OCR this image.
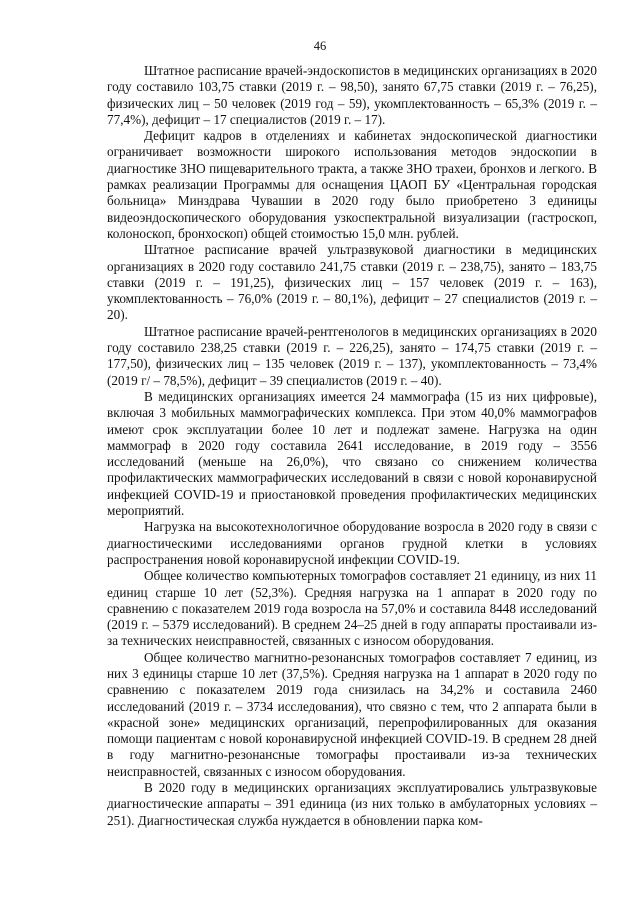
46

Штатное расписание врачей-эндоскопистов в медицинских организациях в 2020 году составило 103,75 ставки (2019 г. – 98,50), занято 67,75 ставки (2019 г. – 76,25), физических лиц – 50 человек (2019 год – 59), укомплектованность – 65,3% (2019 г. – 77,4%), дефицит – 17 специалистов (2019 г. – 17).

Дефицит кадров в отделениях и кабинетах эндоскопической диагностики ограничивает возможности широкого использования методов эндоскопии в диагностике ЗНО пищеварительного тракта, а также ЗНО трахеи, бронхов и легкого. В рамках реализации Программы для оснащения ЦАОП БУ «Центральная городская больница» Минздрава Чувашии в 2020 году было приобретено 3 единицы видеоэндоскопического оборудования узкоспектральной визуализации (гастроскоп, колоноскоп, бронхоскоп) общей стоимостью 15,0 млн. рублей.

Штатное расписание врачей ультразвуковой диагностики в медицинских организациях в 2020 году составило 241,75 ставки (2019 г. – 238,75), занято – 183,75 ставки (2019 г. – 191,25), физических лиц – 157 человек (2019 г. – 163), укомплектованность – 76,0% (2019 г. – 80,1%), дефицит – 27 специалистов (2019 г. – 20).

Штатное расписание врачей-рентгенологов в медицинских организациях в 2020 году составило 238,25 ставки (2019 г. – 226,25), занято – 174,75 ставки (2019 г. – 177,50), физических лиц – 135 человек (2019 г. – 137), укомплектованность – 73,4% (2019 г/ – 78,5%), дефицит – 39 специалистов (2019 г. – 40).

В медицинских организациях имеется 24 маммографа (15 из них цифровые), включая 3 мобильных маммографических комплекса. При этом 40,0% маммографов имеют срок эксплуатации более 10 лет и подлежат замене. Нагрузка на один маммограф в 2020 году составила 2641 исследование, в 2019 году – 3556 исследований (меньше на 26,0%), что связано со снижением количества профилактических маммографических исследований в связи с новой коронавирусной инфекцией COVID-19 и приостановкой проведения профилактических медицинских мероприятий.

Нагрузка на высокотехнологичное оборудование возросла в 2020 году в связи с диагностическими исследованиями органов грудной клетки в условиях распространения новой коронавирусной инфекции COVID-19.

Общее количество компьютерных томографов составляет 21 единицу, из них 11 единиц старше 10 лет (52,3%). Средняя нагрузка на 1 аппарат в 2020 году по сравнению с показателем 2019 года возросла на 57,0% и составила 8448 исследований (2019 г. – 5379 исследований). В среднем 24–25 дней в году аппараты простаивали из-за технических неисправностей, связанных с износом оборудования.

Общее количество магнитно-резонансных томографов составляет 7 единиц, из них 3 единицы старше 10 лет (37,5%). Средняя нагрузка на 1 аппарат в 2020 году по сравнению с показателем 2019 года снизилась на 34,2% и составила 2460 исследований (2019 г. – 3734 исследования), что связно с тем, что 2 аппарата были в «красной зоне» медицинских организаций, перепрофилированных для оказания помощи пациентам с новой коронавирусной инфекцией COVID-19. В среднем 28 дней в году магнитно-резонансные томографы простаивали из-за технических неисправностей, связанных с износом оборудования.

В 2020 году в медицинских организациях эксплуатировались ультразвуковые диагностические аппараты – 391 единица (из них только в амбулаторных условиях – 251). Диагностическая служба нуждается в обновлении парка ком-
